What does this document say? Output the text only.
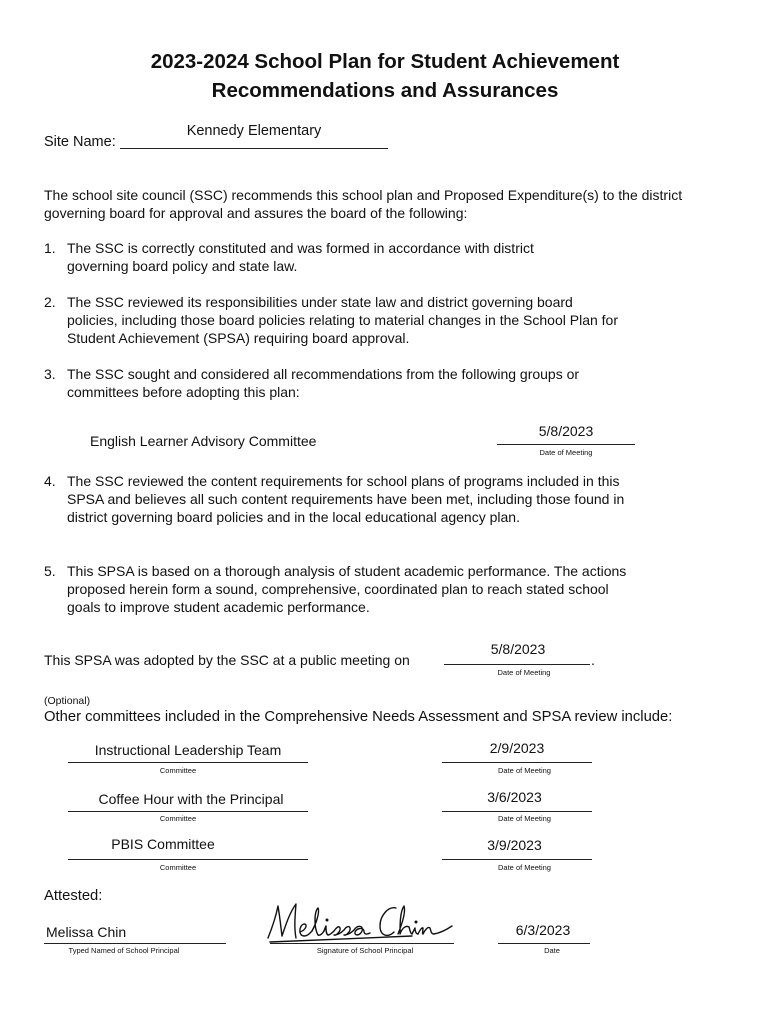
2023-2024 School Plan for Student Achievement
Recommendations and Assurances
Site Name:
Kennedy Elementary
The school site council (SSC) recommends this school plan and Proposed Expenditure(s) to the district governing board for approval and assures the board of the following:
1. The SSC is correctly constituted and was formed in accordance with district governing board policy and state law.
2. The SSC reviewed its responsibilities under state law and district governing board policies, including those board policies relating to material changes in the School Plan for Student Achievement (SPSA) requiring board approval.
3. The SSC sought and considered all recommendations from the following groups or committees before adopting this plan:
English Learner Advisory Committee
5/8/2023
Date of Meeting
4. The SSC reviewed the content requirements for school plans of programs included in this SPSA and believes all such content requirements have been met, including those found in district governing board policies and in the local educational agency plan.
5. This SPSA is based on a thorough analysis of student academic performance. The actions proposed herein form a sound, comprehensive, coordinated plan to reach stated school goals to improve student academic performance.
This SPSA was adopted by the SSC at a public meeting on
5/8/2023
.
Date of Meeting
(Optional)
Other committees included in the Comprehensive Needs Assessment and SPSA review include:
Instructional Leadership Team
Committee
2/9/2023
Date of Meeting
Coffee Hour with the Principal
Committee
3/6/2023
Date of Meeting
PBIS Committee
Committee
3/9/2023
Date of Meeting
Attested:
Melissa Chin
Typed Named of School Principal	Signature of School Principal
6/3/2023
Date
